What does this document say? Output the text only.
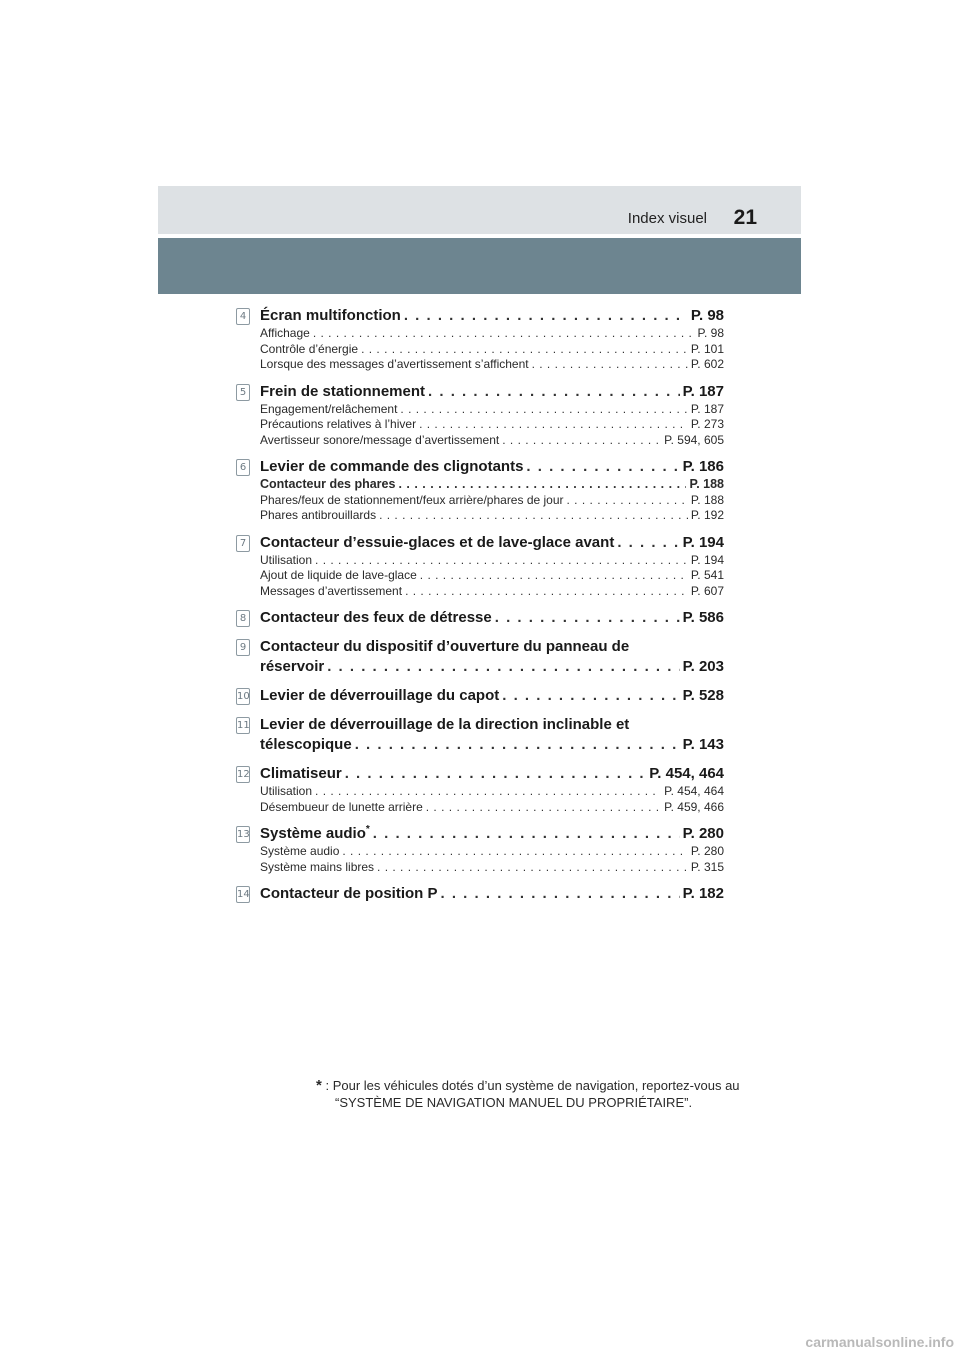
Index visuel 21
4 Écran multifonction . . .	P. 98
Affichage . . .	P. 98
Contrôle d’énergie . . .	P. 101
Lorsque des messages d’avertissement s’affichent . . .	P. 602
5 Frein de stationnement . . .	P. 187
Engagement/relâchement . . .	P. 187
Précautions relatives à l’hiver . . .	P. 273
Avertisseur sonore/message d’avertissement . . .	P. 594, 605
6 Levier de commande des clignotants . . .	P. 186
Contacteur des phares . . .	P. 188
Phares/feux de stationnement/feux arrière/phares de jour . . .	P. 188
Phares antibrouillards . . .	P. 192
7 Contacteur d’essuie-glaces et de lave-glace avant . . .	P. 194
Utilisation . . .	P. 194
Ajout de liquide de lave-glace . . .	P. 541
Messages d’avertissement . . .	P. 607
8 Contacteur des feux de détresse . . .	P. 586
9 Contacteur du dispositif d’ouverture du panneau de
réservoir . . .	P. 203
10 Levier de déverrouillage du capot . . .	P. 528
11 Levier de déverrouillage de la direction inclinable et
télescopique . . .	P. 143
12 Climatiseur . . .	P. 454, 464
Utilisation . . .	P. 454, 464
Désembueur de lunette arrière . . .	P. 459, 466
13 Système audio* . . .	P. 280
Système audio . . .	P. 280
Système mains libres . . .	P. 315
14 Contacteur de position P . . .	P. 182
* : Pour les véhicules dotés d’un système de navigation, reportez-vous au
“SYSTÈME DE NAVIGATION MANUEL DU PROPRIÉTAIRE”.
carmanualsonline.info
